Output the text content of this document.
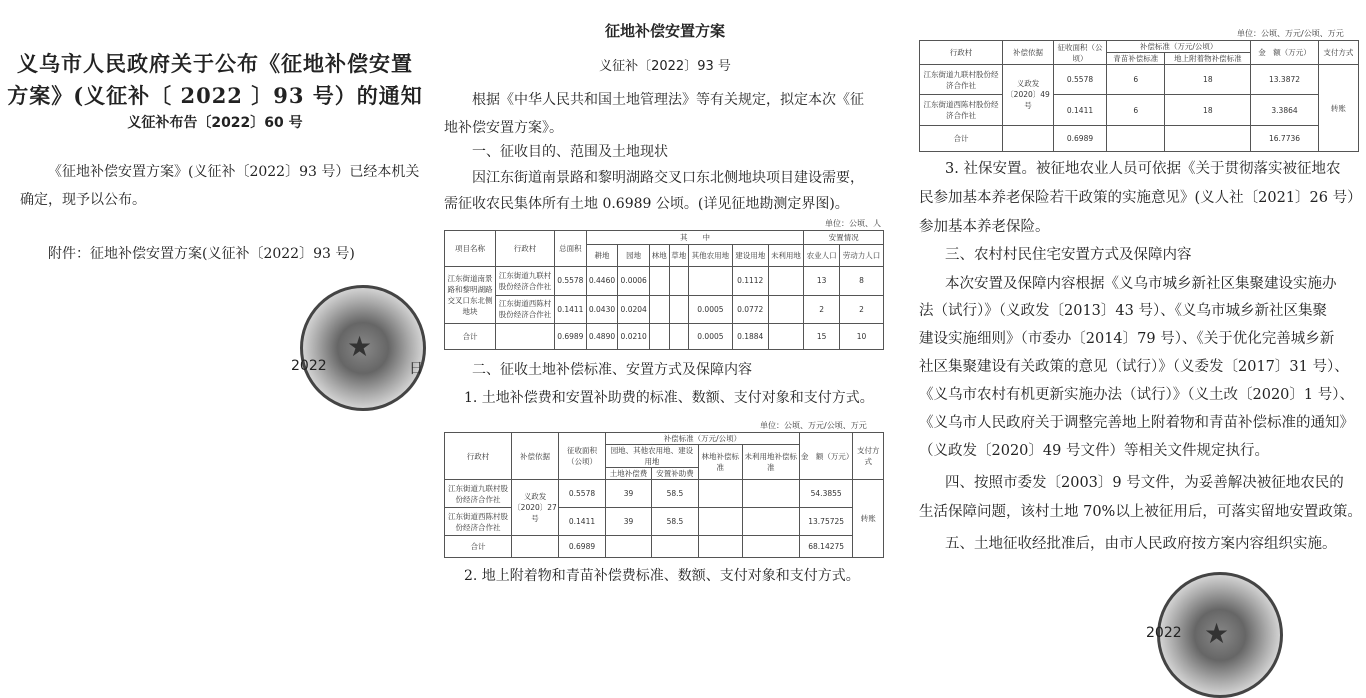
义乌市人民政府关于公布《征地补偿安置
方案》(义征补〔 2022 〕93 号）的通知
义征补布告〔2022〕60 号
《征地补偿安置方案》(义征补〔2022〕93 号）已经本机关
确定，现予以公布。
附件：征地补偿安置方案(义征补〔2022〕93 号)
★
2022	日
征地补偿安置方案
义征补〔2022〕93 号
根据《中华人民共和国土地管理法》等有关规定，拟定本次《征
地补偿安置方案》。
一、征收目的、范围及土地现状
因江东街道南景路和黎明湖路交叉口东北侧地块项目建设需要，
需征收农民集体所有土地 0.6989 公顷。(详见征地勘测定界图)。
单位：公顷、人
项目名称	行政村	总面积	其　　中							安置情况	
			耕地	园地	林地	草地	其他农用地	建设用地	未利用地	农业人口	劳动力人口
江东街道南景路和黎明湖路交叉口东北侧地块	江东街道九联村股份经济合作社	0.5578	0.4460	0.0006				0.1112		13	8
	江东街道西陈村股份经济合作社	0.1411	0.0430	0.0204			0.0005	0.0772		2	2
合计		0.6989	0.4890	0.0210			0.0005	0.1884		15	10
二、征收土地补偿标准、安置方式及保障内容
1. 土地补偿费和安置补助费的标准、数额、支付对象和支付方式。
单位：公顷、万元/公顷、万元
行政村	补偿依据	征收面积（公顷）	补偿标准（万元/公顷）				金　额（万元）	支付方式
			园地、其他农用地、建设用地		林地补偿标准	未利用地补偿标准		
			土地补偿费	安置补助费				
江东街道九联村股份经济合作社	义政发〔2020〕27号	0.5578	39	58.5			54.3855	转账
江东街道西陈村股份经济合作社		0.1411	39	58.5			13.75725	
合计		0.6989					68.14275	
2. 地上附着物和青苗补偿费标准、数额、支付对象和支付方式。
单位：公顷、万元/公顷、万元
行政村	补偿依据	征收面积（公顷）	补偿标准（万元/公顷）		金　额（万元）	支付方式
			青苗补偿标准	地上附着物补偿标准		
江东街道九联村股份经济合作社	义政发〔2020〕49号	0.5578	6	18	13.3872	转账
江东街道西陈村股份经济合作社		0.1411	6	18	3.3864	
合计		0.6989			16.7736	
3. 社保安置。被征地农业人员可依据《关于贯彻落实被征地农
民参加基本养老保险若干政策的实施意见》(义人社〔2021〕26 号）
参加基本养老保险。
三、农村村民住宅安置方式及保障内容
本次安置及保障内容根据《义乌市城乡新社区集聚建设实施办
法（试行）》（义政发〔2013〕43 号）、《义乌市城乡新社区集聚
建设实施细则》（市委办〔2014〕79 号）、《关于优化完善城乡新
社区集聚建设有关政策的意见（试行）》（义委发〔2017〕31 号）、
《义乌市农村有机更新实施办法（试行）》（义土改〔2020〕1 号）、
《义乌市人民政府关于调整完善地上附着物和青苗补偿标准的通知》
（义政发〔2020〕49 号文件）等相关文件规定执行。
四、按照市委发〔2003〕9 号文件，为妥善解决被征地农民的
生活保障问题，该村土地 70%以上被征用后，可落实留地安置政策。
五、土地征收经批准后，由市人民政府按方案内容组织实施。
★
2022
